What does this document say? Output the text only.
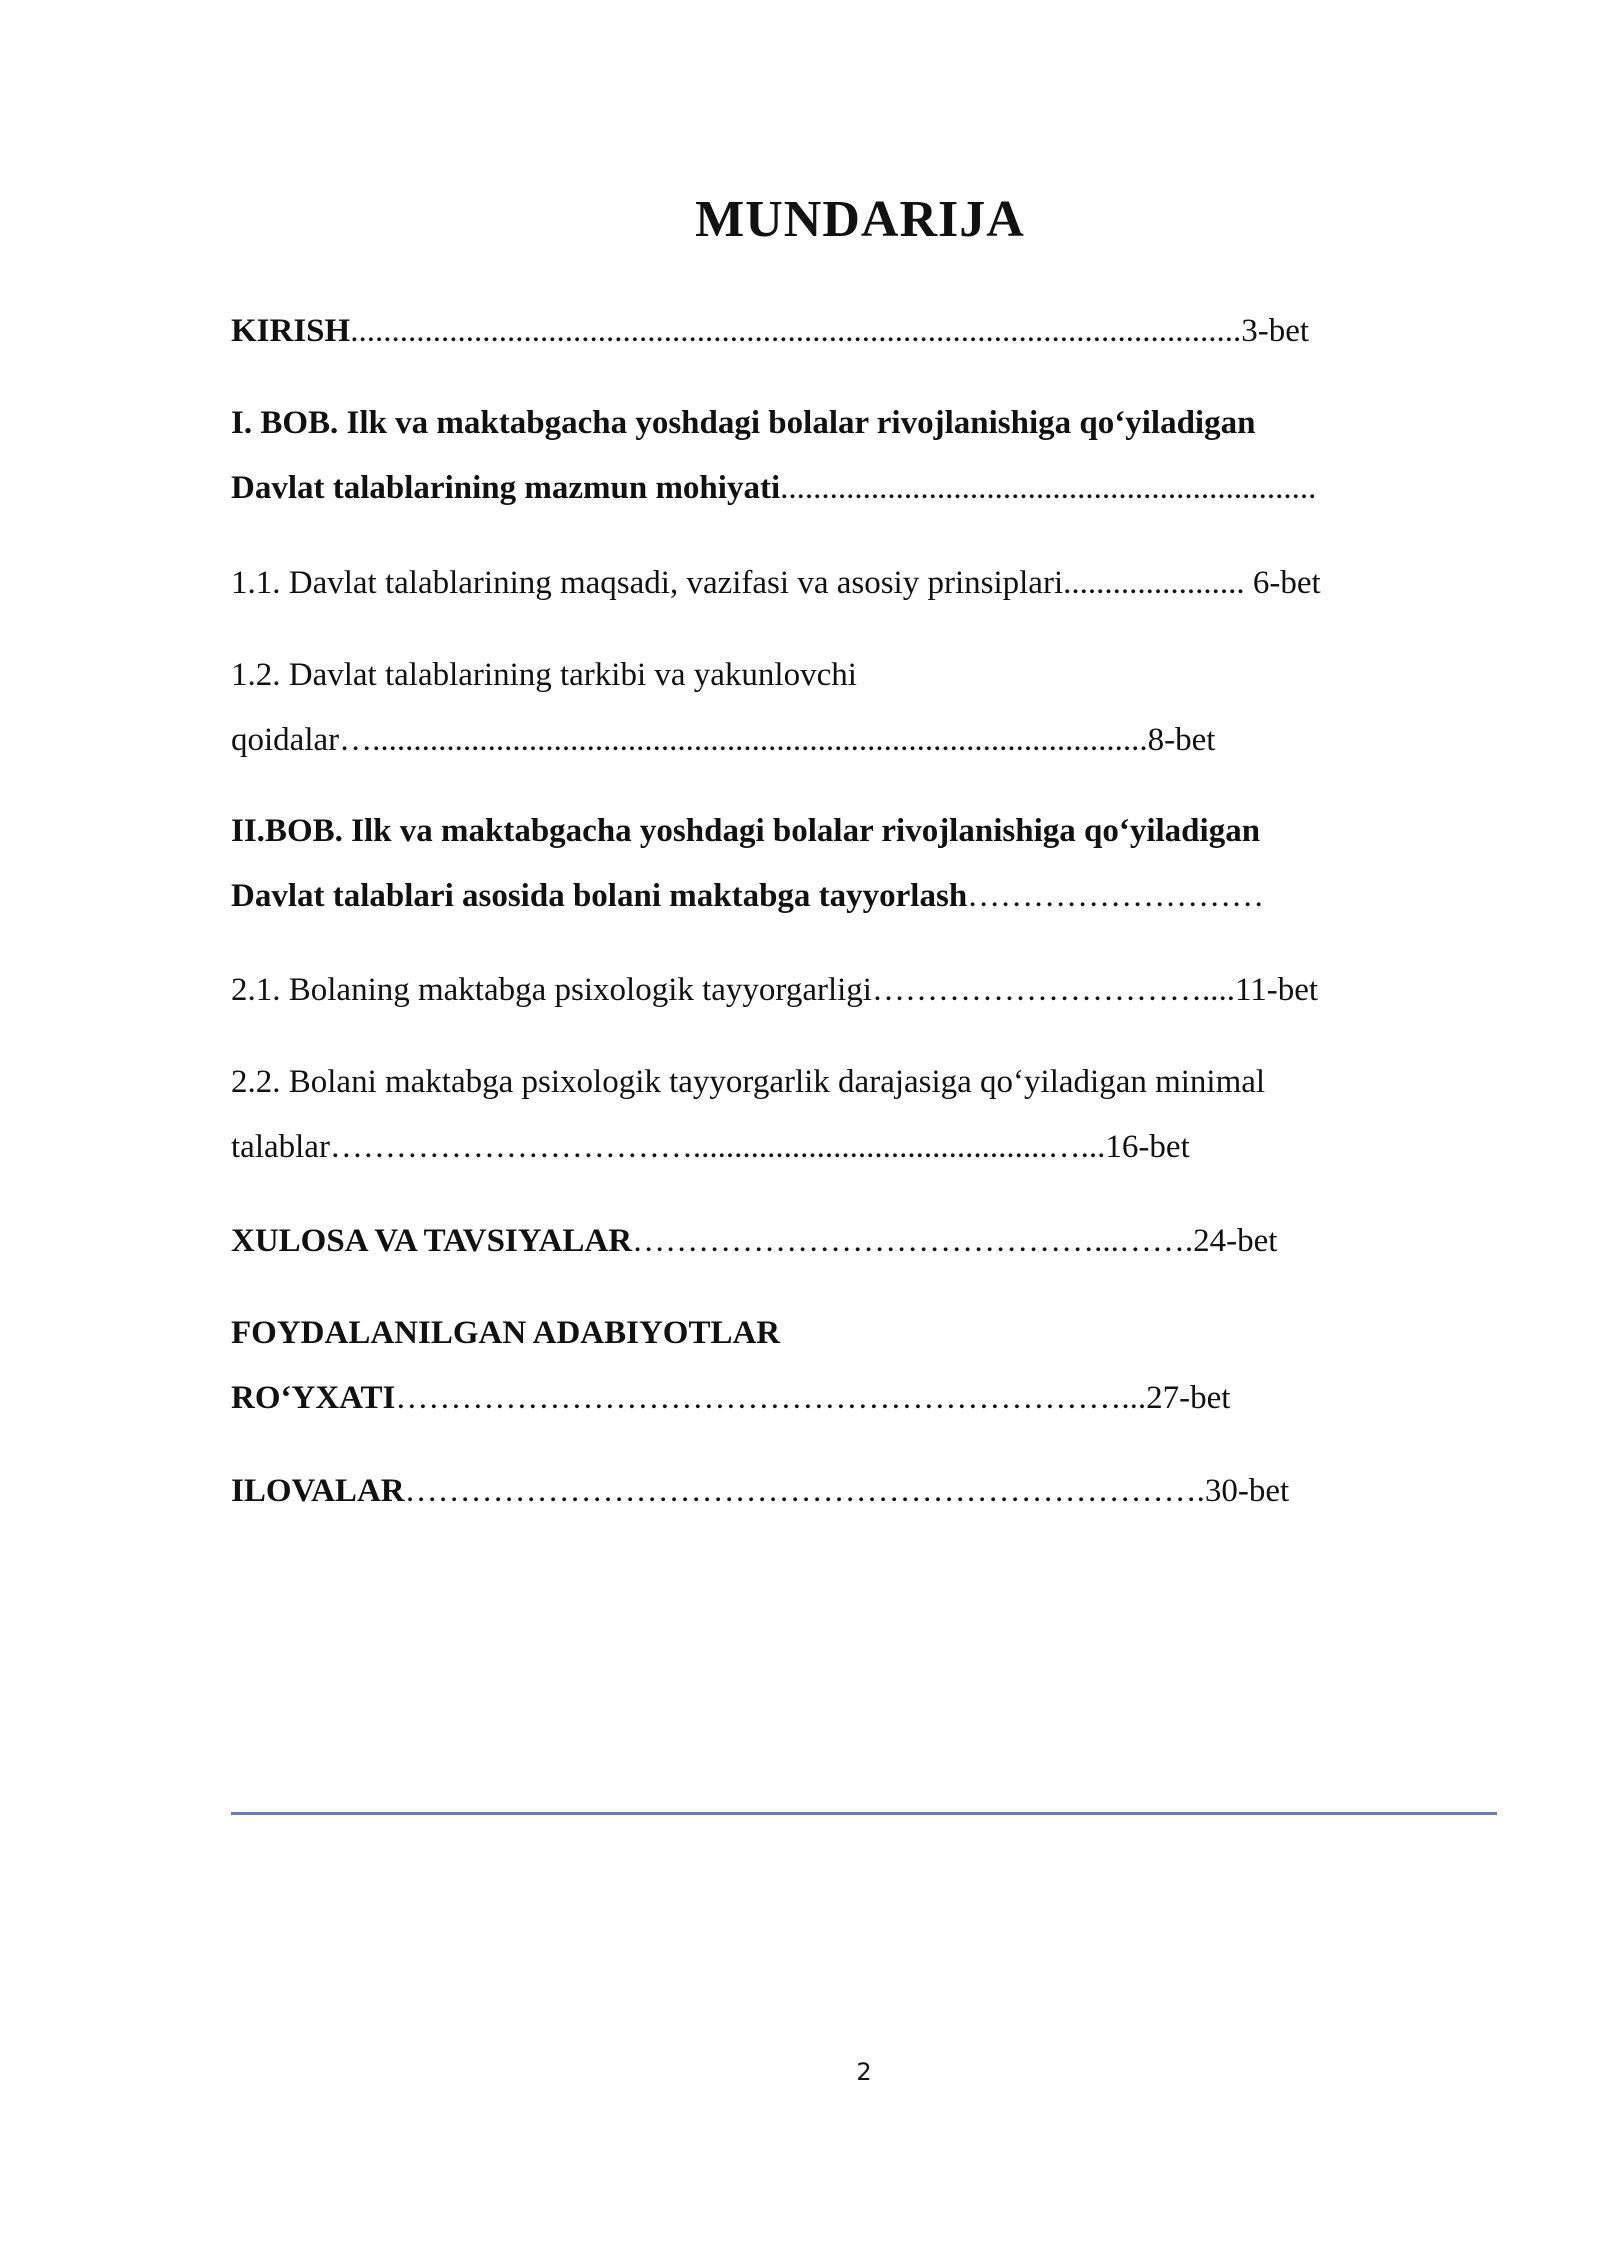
MUNDARIJA
KIRISH............................................................................................................3-bet
I. BOB. Ilk va maktabgacha yoshdagi bolalar rivojlanishiga qo‘yiladigan
Davlat talablarining mazmun mohiyati.................................................................
1.1. Davlat talablarining maqsadi, vazifasi va asosiy prinsiplari...................... 6-bet
1.2. Davlat talablarining tarkibi va yakunlovchi
qoidalar…..............................................................................................8-bet
II.BOB. Ilk va maktabgacha yoshdagi bolalar rivojlanishiga qo‘yiladigan
Davlat talablari asosida bolani maktabga tayyorlash………………………
2.1. Bolaning maktabga psixologik tayyorgarligi…………………………....11-bet
2.2. Bolani maktabga psixologik tayyorgarlik darajasiga qo‘yiladigan minimal
talablar……………………………...........................................…...16-bet
XULOSA VA TAVSIYALAR……………………………………...…….24-bet
FOYDALANILGAN ADABIYOTLAR
RO‘YXATI…………………………………………………………...27-bet
ILOVALAR……………………………………………………………….30-bet
2
